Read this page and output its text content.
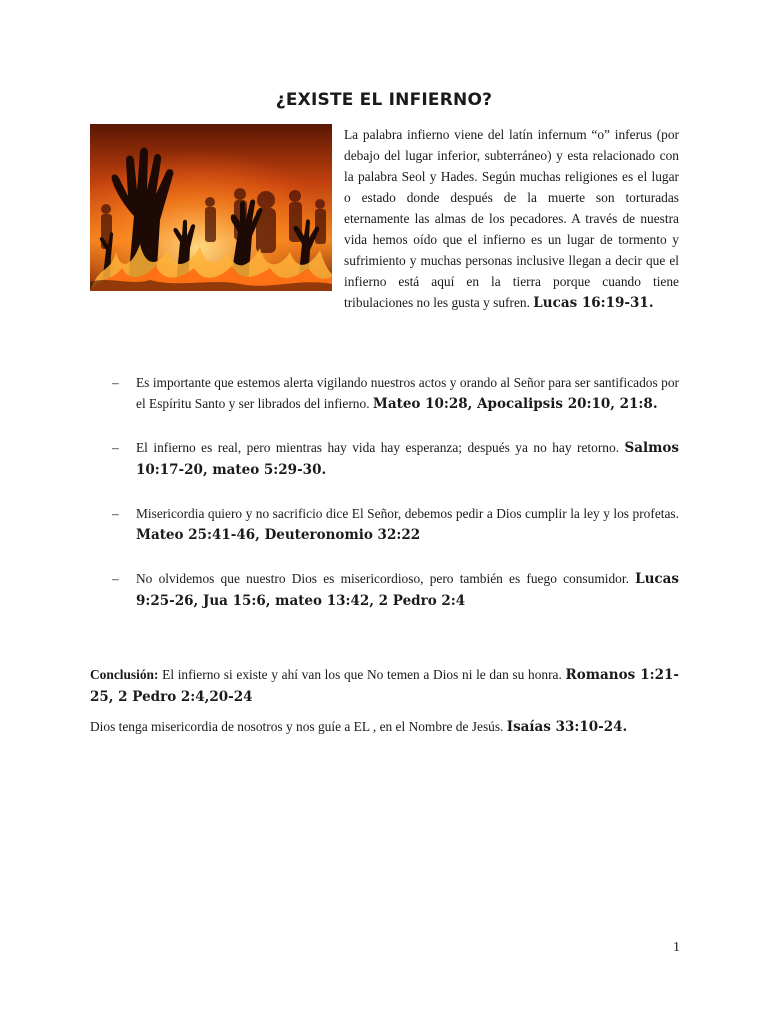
¿EXISTE EL INFIERNO?

La palabra infierno viene del latín infernum “o” inferus (por debajo del lugar inferior, subterráneo) y esta relacionado con la palabra Seol y Hades. Según muchas religiones es el lugar o estado donde después de la muerte son torturadas eternamente las almas de los pecadores. A través de nuestra vida hemos oído que el infierno es un lugar de tormento y sufrimiento y muchas personas inclusive llegan a decir que el infierno está aquí en la tierra porque cuando tiene tribulaciones no les gusta y sufren. Lucas 16:19-31.

– Es importante que estemos alerta vigilando nuestros actos y orando al Señor para ser santificados por el Espíritu Santo y ser librados del infierno. Mateo 10:28, Apocalipsis 20:10, 21:8.
– El infierno es real, pero mientras hay vida hay esperanza; después ya no hay retorno. Salmos 10:17-20, mateo 5:29-30.
– Misericordia quiero y no sacrificio dice El Señor, debemos pedir a Dios cumplir la ley y los profetas. Mateo 25:41-46, Deuteronomio 32:22
– No olvidemos que nuestro Dios es misericordioso, pero también es fuego consumidor. Lucas 9:25-26, Jua 15:6, mateo 13:42, 2 Pedro 2:4

Conclusión: El infierno si existe y ahí van los que No temen a Dios ni le dan su honra. Romanos 1:21-25, 2 Pedro 2:4,20-24

Dios tenga misericordia de nosotros y nos guíe a EL , en el Nombre de Jesús. Isaías 33:10-24.

1
